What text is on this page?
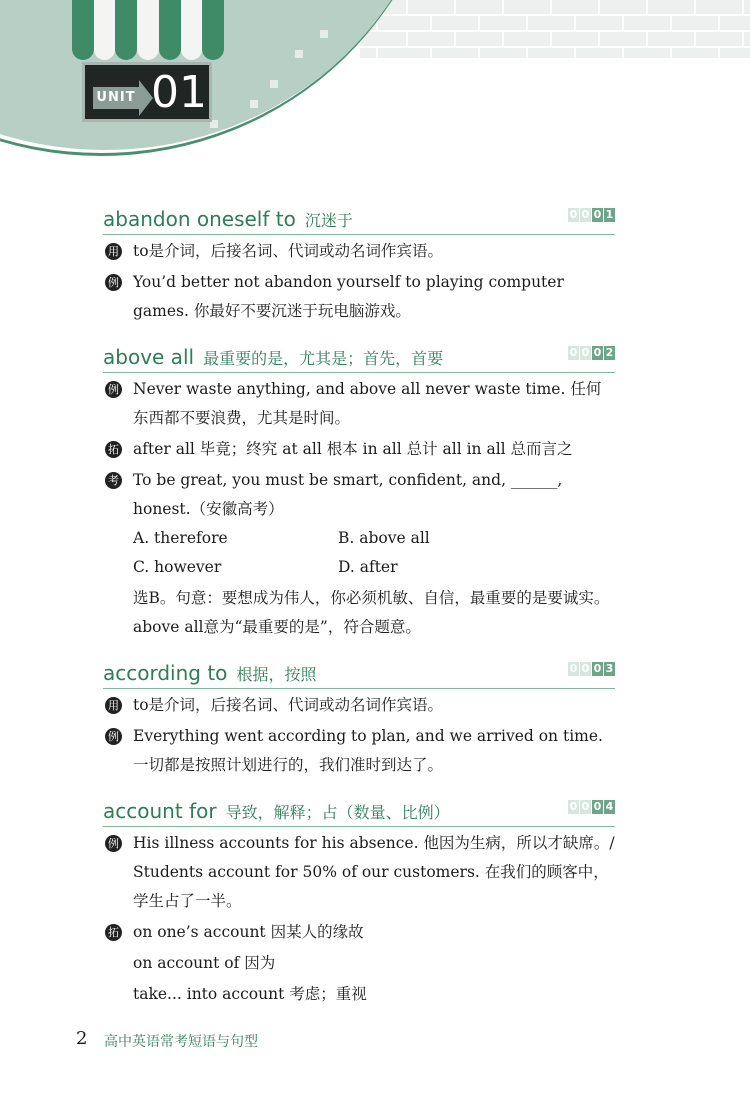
UNIT 01
abandon oneself to 沉迷于	0 0 0 1
用 to是介词，后接名词、代词或动名词作宾语。
例 You’d better not abandon yourself to playing computer games. 你最好不要沉迷于玩电脑游戏。
above all 最重要的是，尤其是；首先，首要	0 0 0 2
例 Never waste anything, and above all never waste time. 任何东西都不要浪费，尤其是时间。
拓 after all 毕竟；终究 at all 根本 in all 总计 all in all 总而言之
考 To be great, you must be smart, confident, and, ______, honest.（安徽高考）
A. therefore	B. above all
C. however	D. after
选B。句意：要想成为伟人，你必须机敏、自信，最重要的是要诚实。above all意为“最重要的是”，符合题意。
according to 根据，按照	0 0 0 3
用 to是介词，后接名词、代词或动名词作宾语。
例 Everything went according to plan, and we arrived on time. 一切都是按照计划进行的，我们准时到达了。
account for 导致，解释；占（数量、比例）	0 0 0 4
例 His illness accounts for his absence. 他因为生病，所以才缺席。/ Students account for 50% of our customers. 在我们的顾客中，学生占了一半。
拓 on one’s account 因某人的缘故
on account of 因为
take... into account 考虑；重视
2 高中英语常考短语与句型
